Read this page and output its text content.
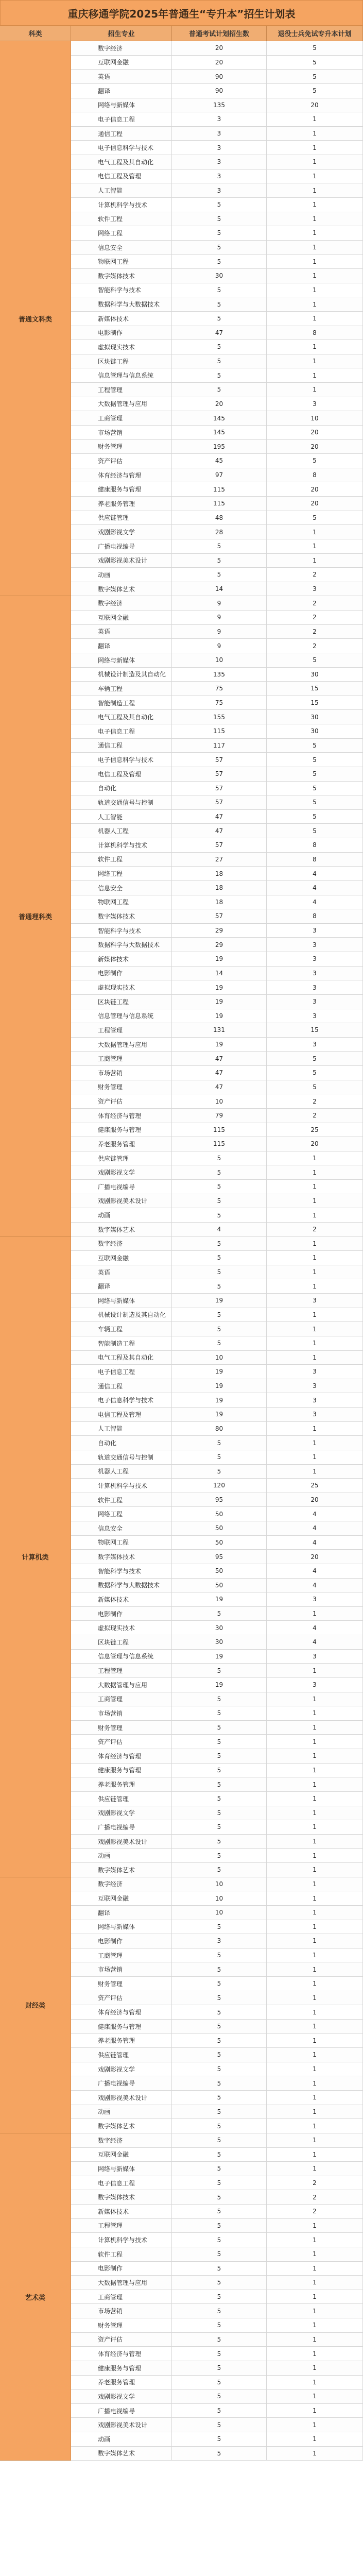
重庆移通学院2025年普通生“专升本”招生计划表
科类	招生专业	普通考试计划招生数	退役士兵免试专升本计划
普通文科类
数字经济	20	5
互联网金融	20	5
英语	90	5
翻译	90	5
网络与新媒体	135	20
电子信息工程	3	1
通信工程	3	1
电子信息科学与技术	3	1
电气工程及其自动化	3	1
电信工程及管理	3	1
人工智能	3	1
计算机科学与技术	5	1
软件工程	5	1
网络工程	5	1
信息安全	5	1
物联网工程	5	1
数字媒体技术	30	1
智能科学与技术	5	1
数据科学与大数据技术	5	1
新媒体技术	5	1
电影制作	47	8
虚拟现实技术	5	1
区块链工程	5	1
信息管理与信息系统	5	1
工程管理	5	1
大数据管理与应用	20	3
工商管理	145	10
市场营销	145	20
财务管理	195	20
资产评估	45	5
体育经济与管理	97	8
健康服务与管理	115	20
养老服务管理	115	20
供应链管理	48	5
戏剧影视文学	28	1
广播电视编导	5	1
戏剧影视美术设计	5	1
动画	5	2
数字媒体艺术	14	3
普通理科类
数字经济	9	2
互联网金融	9	2
英语	9	2
翻译	9	2
网络与新媒体	10	5
机械设计制造及其自动化	135	30
车辆工程	75	15
智能制造工程	75	15
电气工程及其自动化	155	30
电子信息工程	115	30
通信工程	117	5
电子信息科学与技术	57	5
电信工程及管理	57	5
自动化	57	5
轨道交通信号与控制	57	5
人工智能	47	5
机器人工程	47	5
计算机科学与技术	57	8
软件工程	27	8
网络工程	18	4
信息安全	18	4
物联网工程	18	4
数字媒体技术	57	8
智能科学与技术	29	3
数据科学与大数据技术	29	3
新媒体技术	19	3
电影制作	14	3
虚拟现实技术	19	3
区块链工程	19	3
信息管理与信息系统	19	3
工程管理	131	15
大数据管理与应用	19	3
工商管理	47	5
市场营销	47	5
财务管理	47	5
资产评估	10	2
体育经济与管理	79	2
健康服务与管理	115	25
养老服务管理	115	20
供应链管理	5	1
戏剧影视文学	5	1
广播电视编导	5	1
戏剧影视美术设计	5	1
动画	5	1
数字媒体艺术	4	2
计算机类
数字经济	5	1
互联网金融	5	1
英语	5	1
翻译	5	1
网络与新媒体	19	3
机械设计制造及其自动化	5	1
车辆工程	5	1
智能制造工程	5	1
电气工程及其自动化	10	1
电子信息工程	19	3
通信工程	19	3
电子信息科学与技术	19	3
电信工程及管理	19	3
人工智能	80	1
自动化	5	1
轨道交通信号与控制	5	1
机器人工程	5	1
计算机科学与技术	120	25
软件工程	95	20
网络工程	50	4
信息安全	50	4
物联网工程	50	4
数字媒体技术	95	20
智能科学与技术	50	4
数据科学与大数据技术	50	4
新媒体技术	19	3
电影制作	5	1
虚拟现实技术	30	4
区块链工程	30	4
信息管理与信息系统	19	3
工程管理	5	1
大数据管理与应用	19	3
工商管理	5	1
市场营销	5	1
财务管理	5	1
资产评估	5	1
体育经济与管理	5	1
健康服务与管理	5	1
养老服务管理	5	1
供应链管理	5	1
戏剧影视文学	5	1
广播电视编导	5	1
戏剧影视美术设计	5	1
动画	5	1
数字媒体艺术	5	1
财经类
数字经济	10	1
互联网金融	10	1
翻译	10	1
网络与新媒体	5	1
电影制作	3	1
工商管理	5	1
市场营销	5	1
财务管理	5	1
资产评估	5	1
体育经济与管理	5	1
健康服务与管理	5	1
养老服务管理	5	1
供应链管理	5	1
戏剧影视文学	5	1
广播电视编导	5	1
戏剧影视美术设计	5	1
动画	5	1
数字媒体艺术	5	1
艺术类
数字经济	5	1
互联网金融	5	1
网络与新媒体	5	1
电子信息工程	5	2
数字媒体技术	5	2
新媒体技术	5	2
工程管理	5	1
计算机科学与技术	5	1
软件工程	5	1
电影制作	5	1
大数据管理与应用	5	1
工商管理	5	1
市场营销	5	1
财务管理	5	1
资产评估	5	1
体育经济与管理	5	1
健康服务与管理	5	1
养老服务管理	5	1
戏剧影视文学	5	1
广播电视编导	5	1
戏剧影视美术设计	5	1
动画	5	1
数字媒体艺术	5	1
